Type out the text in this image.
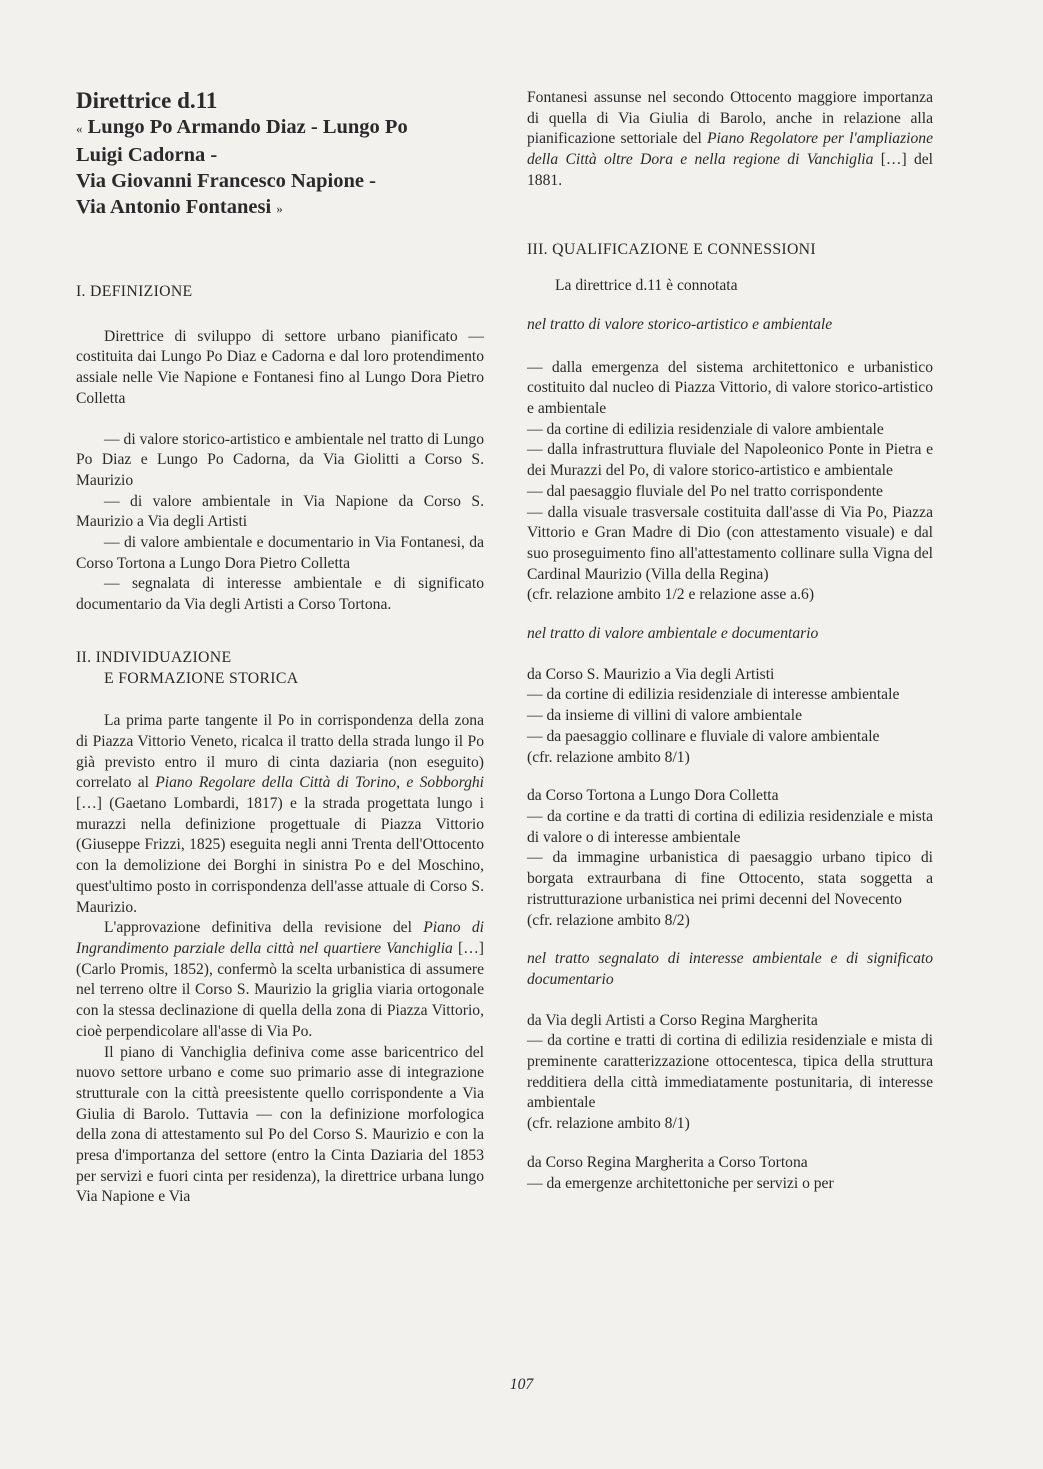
Direttrice d.11

« Lungo Po Armando Diaz - Lungo Po
Luigi Cadorna -
Via Giovanni Francesco Napione -
Via Antonio Fontanesi »

I. DEFINIZIONE

Direttrice di sviluppo di settore urbano pianificato — costituita dai Lungo Po Diaz e Cadorna e dal loro protendimento assiale nelle Vie Napione e Fontanesi fino al Lungo Dora Pietro Colletta

— di valore storico-artistico e ambientale nel tratto di Lungo Po Diaz e Lungo Po Cadorna, da Via Giolitti a Corso S. Maurizio

— di valore ambientale in Via Napione da Corso S. Maurizio a Via degli Artisti

— di valore ambientale e documentario in Via Fontanesi, da Corso Tortona a Lungo Dora Pietro Colletta

— segnalata di interesse ambientale e di significato documentario da Via degli Artisti a Corso Tortona.

II. INDIVIDUAZIONE
E FORMAZIONE STORICA

La prima parte tangente il Po in corrispondenza della zona di Piazza Vittorio Veneto, ricalca il tratto della strada lungo il Po già previsto entro il muro di cinta daziaria (non eseguito) correlato al Piano Regolare della Città di Torino, e Sobborghi […] (Gaetano Lombardi, 1817) e la strada progettata lungo i murazzi nella definizione progettuale di Piazza Vittorio (Giuseppe Frizzi, 1825) eseguita negli anni Trenta dell'Ottocento con la demolizione dei Borghi in sinistra Po e del Moschino, quest'ultimo posto in corrispondenza dell'asse attuale di Corso S. Maurizio.

L'approvazione definitiva della revisione del Piano di Ingrandimento parziale della città nel quartiere Vanchiglia […] (Carlo Promis, 1852), confermò la scelta urbanistica di assumere nel terreno oltre il Corso S. Maurizio la griglia viaria ortogonale con la stessa declinazione di quella della zona di Piazza Vittorio, cioè perpendicolare all'asse di Via Po.

Il piano di Vanchiglia definiva come asse baricentrico del nuovo settore urbano e come suo primario asse di integrazione strutturale con la città preesistente quello corrispondente a Via Giulia di Barolo. Tuttavia — con la definizione morfologica della zona di attestamento sul Po del Corso S. Maurizio e con la presa d'importanza del settore (entro la Cinta Daziaria del 1853 per servizi e fuori cinta per residenza), la direttrice urbana lungo Via Napione e Via

Fontanesi assunse nel secondo Ottocento maggiore importanza di quella di Via Giulia di Barolo, anche in relazione alla pianificazione settoriale del Piano Regolatore per l'ampliazione della Città oltre Dora e nella regione di Vanchiglia […] del 1881.

III. QUALIFICAZIONE E CONNESSIONI

La direttrice d.11 è connotata

nel tratto di valore storico-artistico e ambientale

— dalla emergenza del sistema architettonico e urbanistico costituito dal nucleo di Piazza Vittorio, di valore storico-artistico e ambientale

— da cortine di edilizia residenziale di valore ambientale

— dalla infrastruttura fluviale del Napoleonico Ponte in Pietra e dei Murazzi del Po, di valore storico-artistico e ambientale

— dal paesaggio fluviale del Po nel tratto corrispondente

— dalla visuale trasversale costituita dall'asse di Via Po, Piazza Vittorio e Gran Madre di Dio (con attestamento visuale) e dal suo proseguimento fino all'attestamento collinare sulla Vigna del Cardinal Maurizio (Villa della Regina)

(cfr. relazione ambito 1/2 e relazione asse a.6)

nel tratto di valore ambientale e documentario

da Corso S. Maurizio a Via degli Artisti

— da cortine di edilizia residenziale di interesse ambientale

— da insieme di villini di valore ambientale

— da paesaggio collinare e fluviale di valore ambientale

(cfr. relazione ambito 8/1)

da Corso Tortona a Lungo Dora Colletta

— da cortine e da tratti di cortina di edilizia residenziale e mista di valore o di interesse ambientale

— da immagine urbanistica di paesaggio urbano tipico di borgata extraurbana di fine Ottocento, stata soggetta a ristrutturazione urbanistica nei primi decenni del Novecento

(cfr. relazione ambito 8/2)

nel tratto segnalato di interesse ambientale e di significato documentario

da Via degli Artisti a Corso Regina Margherita

— da cortine e tratti di cortina di edilizia residenziale e mista di preminente caratterizzazione ottocentesca, tipica della struttura redditiera della città immediatamente postunitaria, di interesse ambientale

(cfr. relazione ambito 8/1)

da Corso Regina Margherita a Corso Tortona

— da emergenze architettoniche per servizi o per

107
